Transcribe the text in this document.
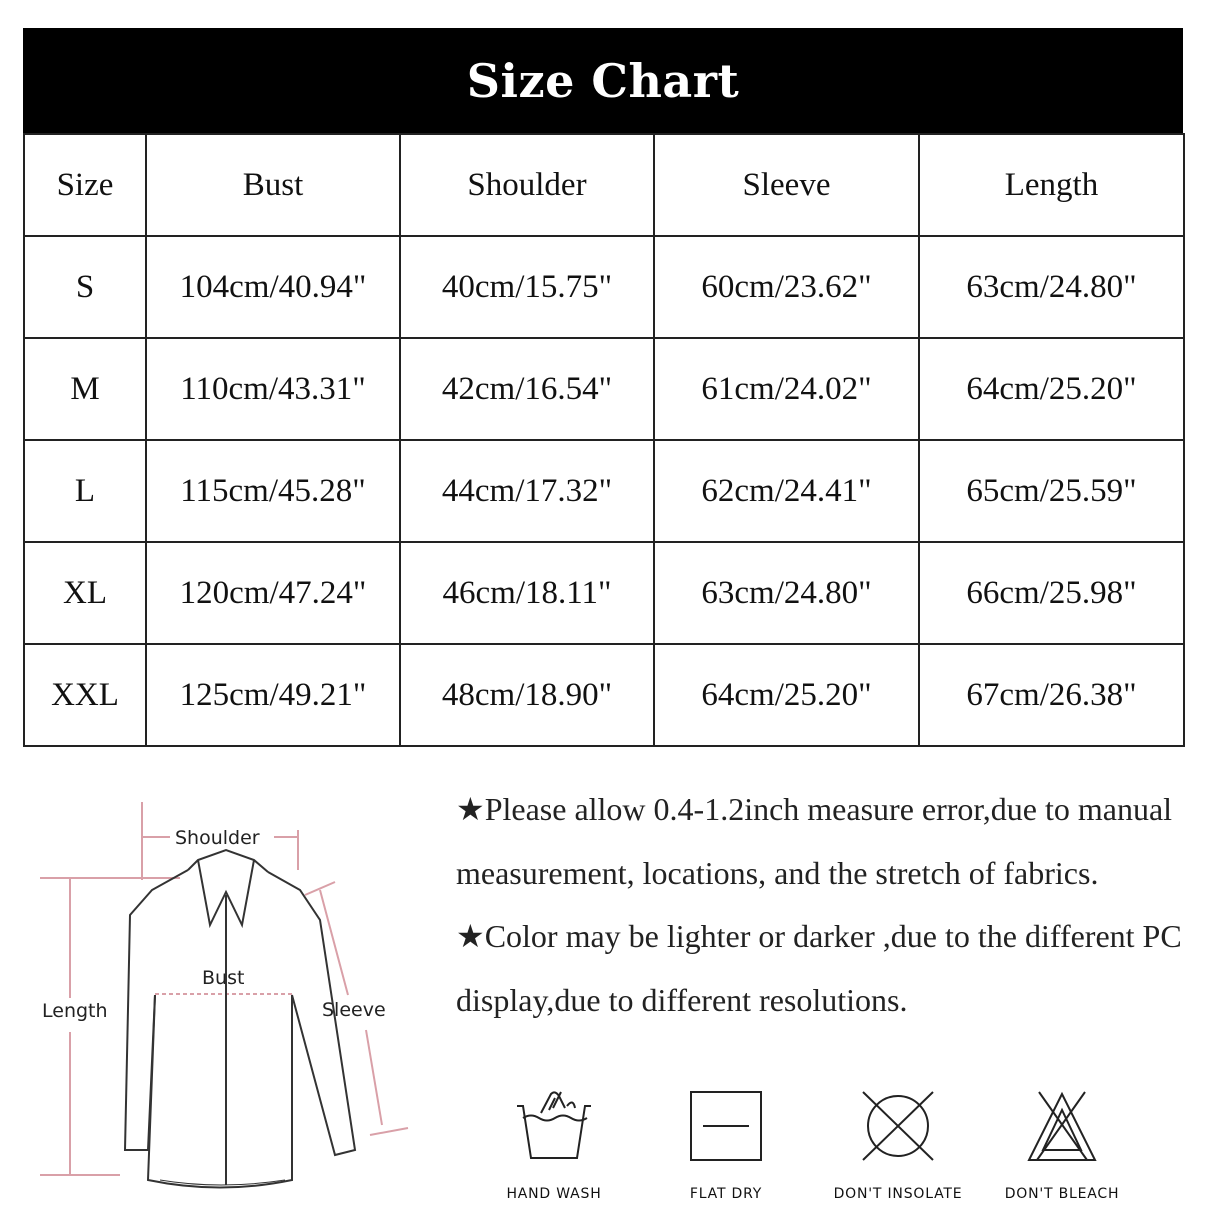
Size Chart
Size	Bust	Shoulder	Sleeve	Length
S	104cm/40.94"	40cm/15.75"	60cm/23.62"	63cm/24.80"
M	110cm/43.31"	42cm/16.54"	61cm/24.02"	64cm/25.20"
L	115cm/45.28"	44cm/17.32"	62cm/24.41"	65cm/25.59"
XL	120cm/47.24"	46cm/18.11"	63cm/24.80"	66cm/25.98"
XXL	125cm/49.21"	48cm/18.90"	64cm/25.20"	67cm/26.38"
Shoulder
Bust
Length	Sleeve

★Please allow 0.4-1.2inch measure error,due to manual measurement, locations, and the stretch of fabrics.

★Color may be lighter or darker ,due to the different PC display,due to different resolutions.

HAND WASH	FLAT DRY	DON'T INSOLATE	DON'T BLEACH
